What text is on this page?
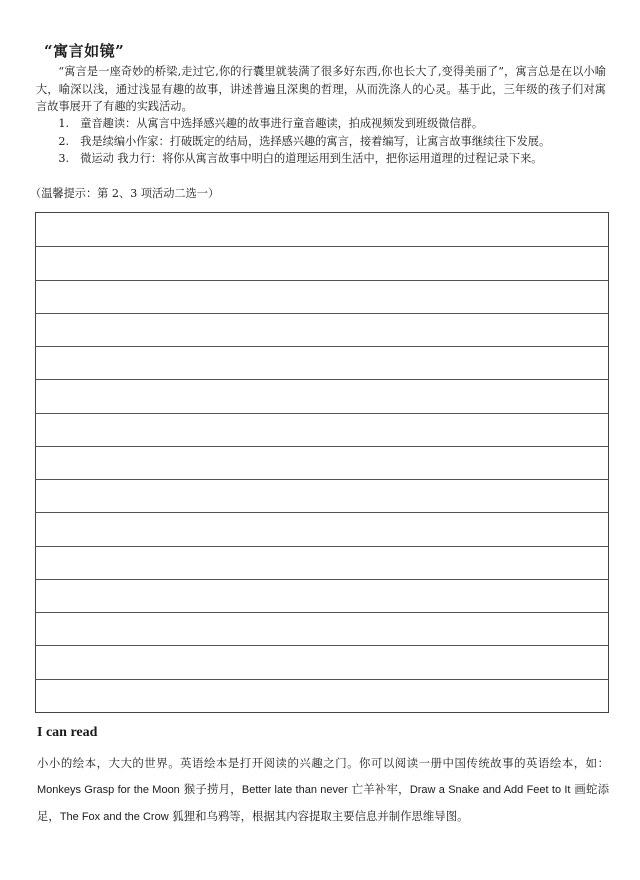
“寓言如镜”
“寓言是一座奇妙的桥梁,走过它,你的行囊里就装满了很多好东西,你也长大了,变得美丽了”，寓言总是在以小喻大，喻深以浅，通过浅显有趣的故事，讲述普遍且深奥的哲理，从而洗涤人的心灵。基于此，三年级的孩子们对寓言故事展开了有趣的实践活动。
1.　童音趣读：从寓言中选择感兴趣的故事进行童音趣读，拍成视频发到班级微信群。
2.　我是续编小作家：打破既定的结局，选择感兴趣的寓言，接着编写，让寓言故事继续往下发展。
3.　微运动 我力行：将你从寓言故事中明白的道理运用到生活中，把你运用道理的过程记录下来。
（温馨提示：第 2、3 项活动二选一）
I can read
小小的绘本，大大的世界。英语绘本是打开阅读的兴趣之门。你可以阅读一册中国传统故事的英语绘本，如：Monkeys Grasp for the Moon 猴子捞月，Better late than never 亡羊补牢，Draw a Snake and Add Feet to It 画蛇添足，The Fox and the Crow 狐狸和乌鸦等，根据其内容提取主要信息并制作思维导图。
